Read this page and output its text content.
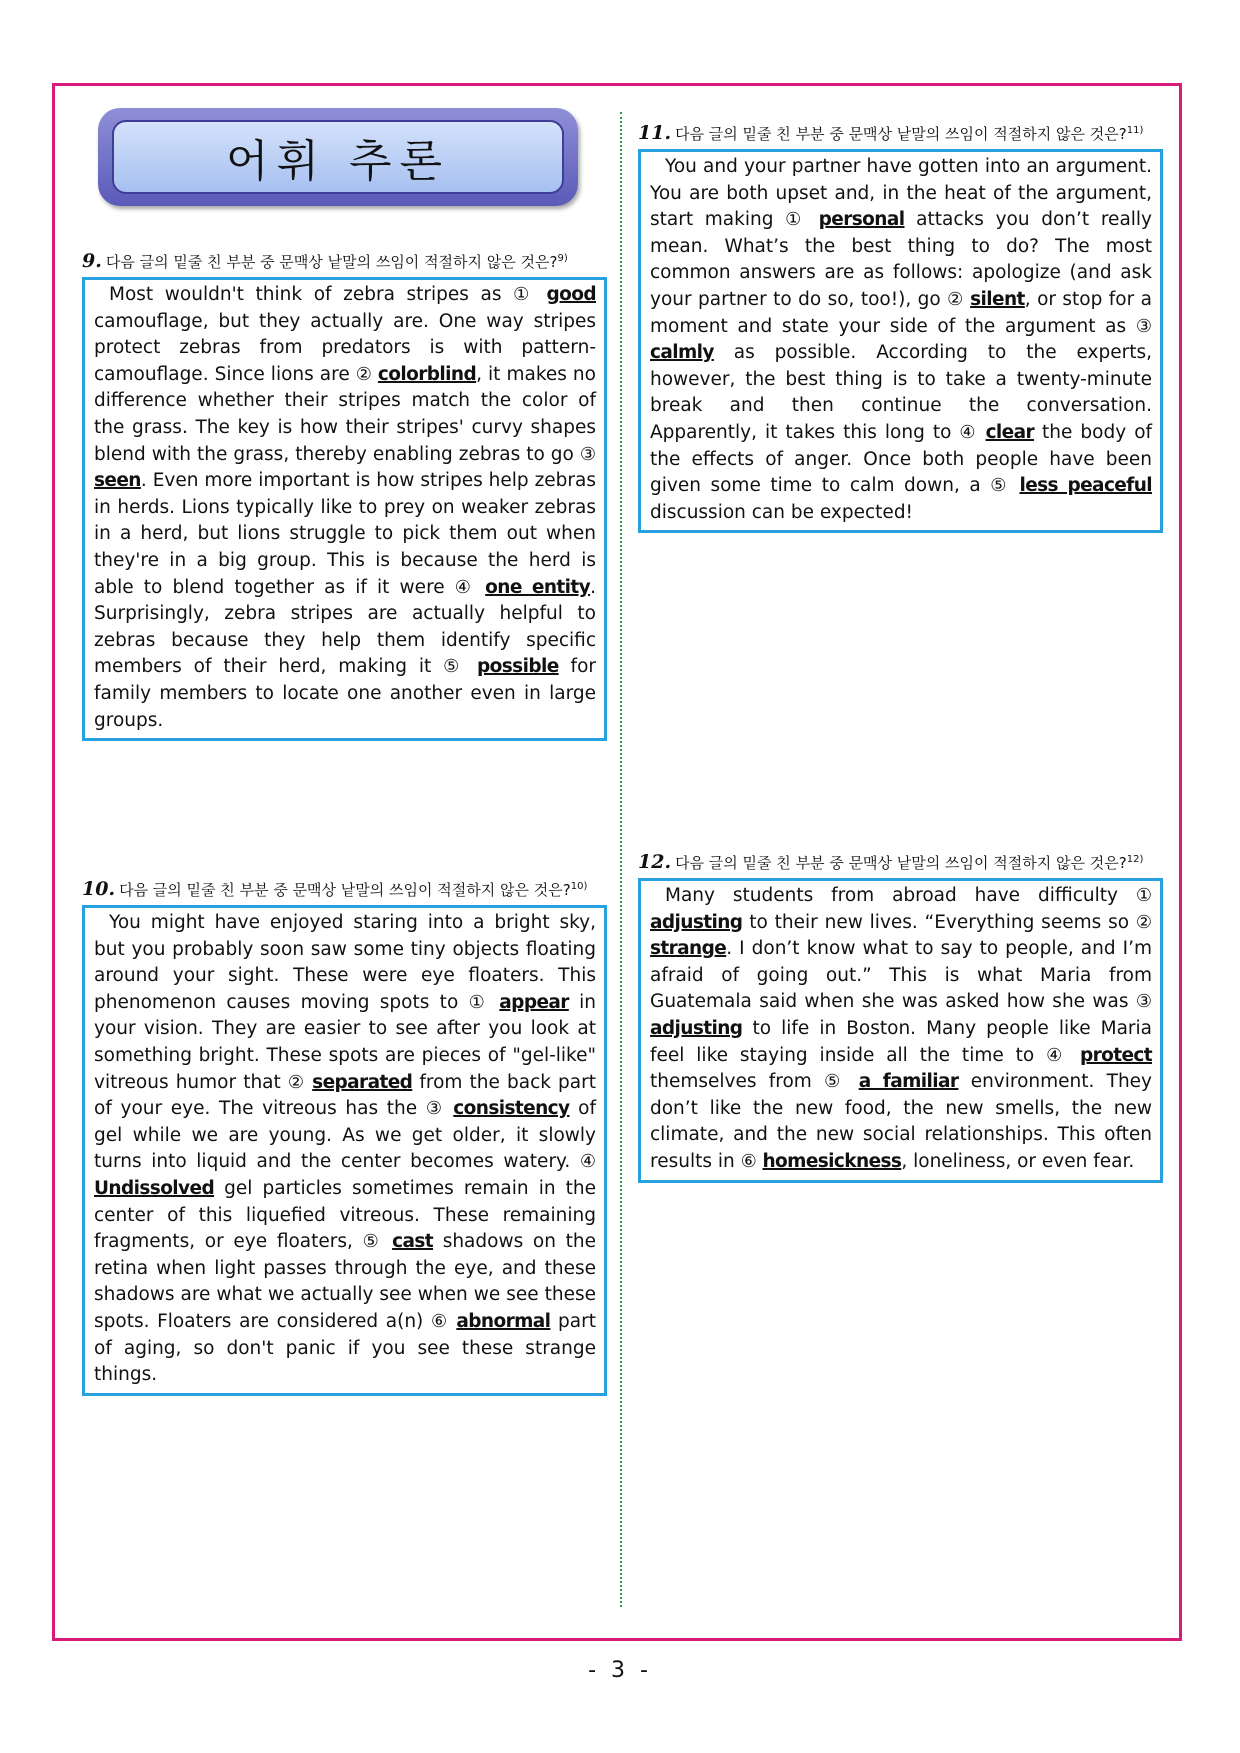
어휘 추론
9. 다음 글의 밑줄 친 부분 중 문맥상 낱말의 쓰임이 적절하지 않은 것은?$^{9)}$
Most wouldn't think of zebra stripes as ① good camouflage, but they actually are. One way stripes protect zebras from predators is with pattern-camouflage. Since lions are ② colorblind, it makes no difference whether their stripes match the color of the grass. The key is how their stripes' curvy shapes blend with the grass, thereby enabling zebras to go ③ seen. Even more important is how stripes help zebras in herds. Lions typically like to prey on weaker zebras in a herd, but lions struggle to pick them out when they're in a big group. This is because the herd is able to blend together as if it were ④ one entity. Surprisingly, zebra stripes are actually helpful to zebras because they help them identify specific members of their herd, making it ⑤ possible for family members to locate one another even in large groups.
10. 다음 글의 밑줄 친 부분 중 문맥상 낱말의 쓰임이 적절하지 않은 것은?$^{10)}$
You might have enjoyed staring into a bright sky, but you probably soon saw some tiny objects floating around your sight. These were eye floaters. This phenomenon causes moving spots to ① appear in your vision. They are easier to see after you look at something bright. These spots are pieces of "gel-like" vitreous humor that ② separated from the back part of your eye. The vitreous has the ③ consistency of gel while we are young. As we get older, it slowly turns into liquid and the center becomes watery. ④ Undissolved gel particles sometimes remain in the center of this liquefied vitreous. These remaining fragments, or eye floaters, ⑤ cast shadows on the retina when light passes through the eye, and these shadows are what we actually see when we see these spots. Floaters are considered a(n) ⑥ abnormal part of aging, so don't panic if you see these strange things.
11. 다음 글의 밑줄 친 부분 중 문맥상 낱말의 쓰임이 적절하지 않은 것은?$^{11)}$
You and your partner have gotten into an argument. You are both upset and, in the heat of the argument, start making ① personal attacks you don’t really mean. What’s the best thing to do? The most common answers are as follows: apologize (and ask your partner to do so, too!), go ② silent, or stop for a moment and state your side of the argument as ③ calmly as possible. According to the experts, however, the best thing is to take a twenty-minute break and then continue the conversation. Apparently, it takes this long to ④ clear the body of the effects of anger. Once both people have been given some time to calm down, a ⑤ less peaceful discussion can be expected!
12. 다음 글의 밑줄 친 부분 중 문맥상 낱말의 쓰임이 적절하지 않은 것은?$^{12)}$
Many students from abroad have difficulty ① adjusting to their new lives. “Everything seems so ② strange. I don’t know what to say to people, and I’m afraid of going out.” This is what Maria from Guatemala said when she was asked how she was ③ adjusting to life in Boston. Many people like Maria feel like staying inside all the time to ④ protect themselves from ⑤ a familiar environment. They don’t like the new food, the new smells, the new climate, and the new social relationships. This often results in ⑥ homesickness, loneliness, or even fear.
- 3 -
